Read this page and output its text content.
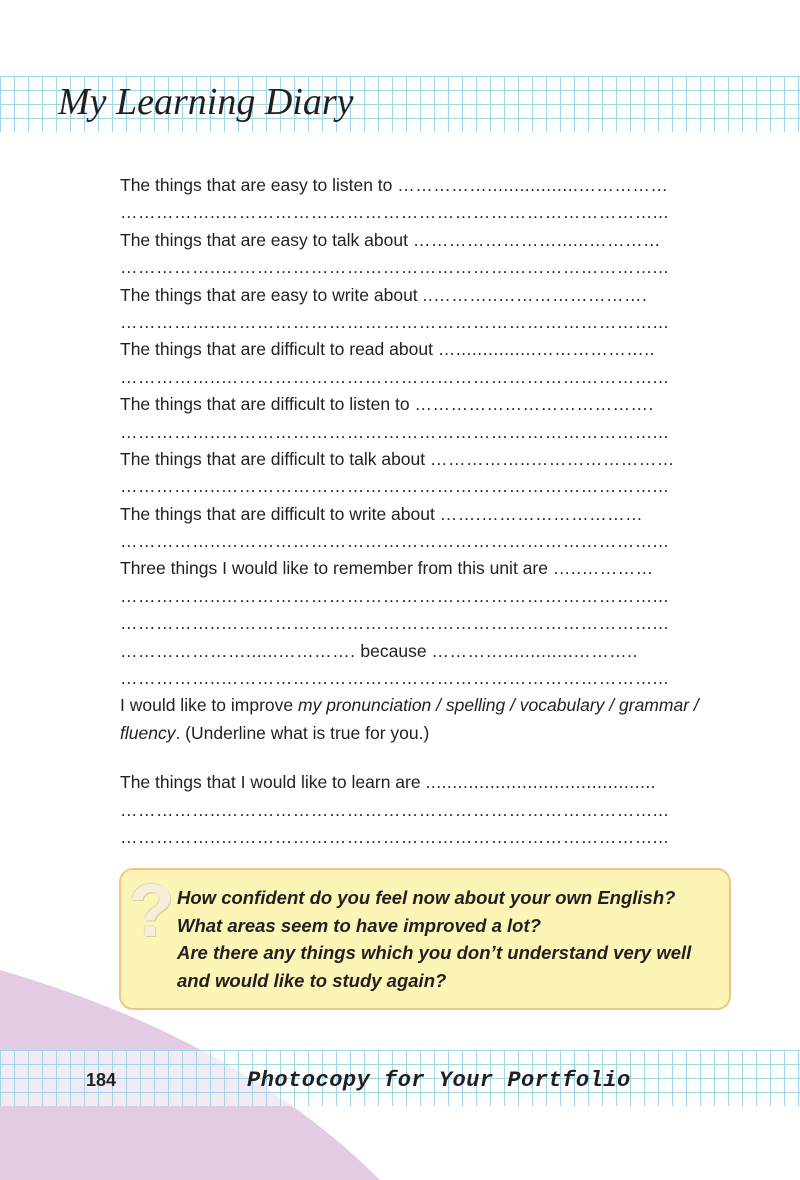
My Learning Diary
The things that are easy to listen to …………….................……………
……………..………………………………………………………………...
The things that are easy to talk about ……………………......…………
……………..………………………………………………………………...
The things that are easy to write about ..………..…………………….
……………..………………………………………………………………...
The things that are difficult to read about …...............………………..
……………..………………………………………………………………...
The things that are difficult to listen to ………………………………….
……………..………………………………………………………………...
The things that are difficult to talk about ……………..……………………
……………..………………………………………………………………...
The things that are difficult to write about …….………………………
……………..………………………………………………………………...
Three things I would like to remember from this unit are …..…………
……………..………………………………………………………………...
……………..………………………………………………………………...
…………………......…………. because ………….............………..
……………..………………………………………………………………...
I would like to improve my pronunciation / spelling / vocabulary / grammar / fluency. (Underline what is true for you.)
The things that I would like to learn are ...........................................
……………..………………………………………………………………...
……………..………………………………………………………………...
? How confident do you feel now about your own English?
What areas seem to have improved a lot?
Are there any things which you don’t understand very well and would like to study again?
184	Photocopy for Your Portfolio
